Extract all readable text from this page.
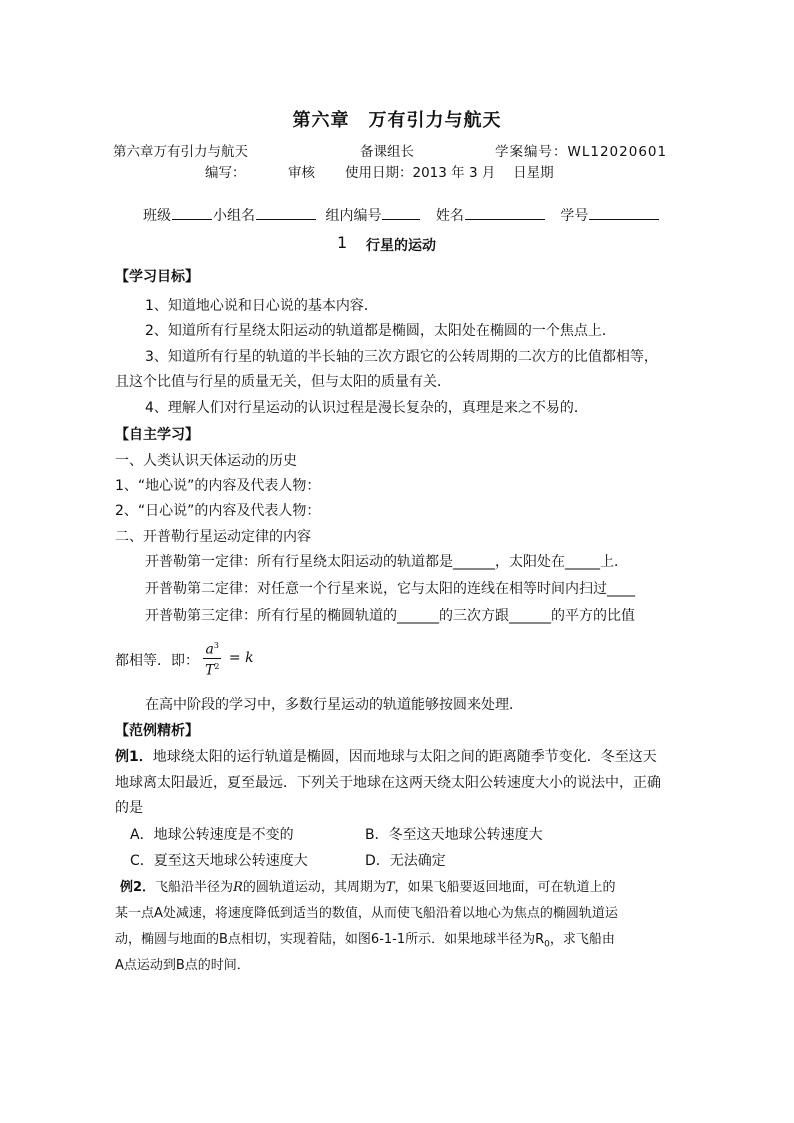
第六章　万有引力与航天
第六章万有引力与航天	备课组长	学案编号：WL12020601
编写：	审核 使用日期：2013 年 3 月　 日星期
班级	小组名	组内编号	姓名	学号
1 行星的运动
【学习目标】
1、知道地心说和日心说的基本内容．
2、知道所有行星绕太阳运动的轨道都是椭圆，太阳处在椭圆的一个焦点上．
3、知道所有行星的轨道的半长轴的三次方跟它的公转周期的二次方的比值都相等，
且这个比值与行星的质量无关，但与太阳的质量有关．
4、理解人们对行星运动的认识过程是漫长复杂的，真理是来之不易的．
【自主学习】
一、人类认识天体运动的历史
1、“地心说”的内容及代表人物：
2、“日心说”的内容及代表人物：
二、开普勒行星运动定律的内容
开普勒第一定律：所有行星绕太阳运动的轨道都是______，太阳处在_____上．
开普勒第二定律：对任意一个行星来说，它与太阳的连线在相等时间内扫过____
开普勒第三定律：所有行星的椭圆轨道的______的三次方跟______的平方的比值
都相等．即： $\frac{a^3}{T^2} = k$
在高中阶段的学习中，多数行星运动的轨道能够按圆来处理．
【范例精析】
例1．地球绕太阳的运行轨道是椭圆，因而地球与太阳之间的距离随季节变化．冬至这天
地球离太阳最近，夏至最远．下列关于地球在这两天绕太阳公转速度大小的说法中，正确
的是
A．地球公转速度是不变的	B．冬至这天地球公转速度大
C．夏至这天地球公转速度大	D．无法确定
例2．飞船沿半径为R的圆轨道运动，其周期为T，如果飞船要返回地面，可在轨道上的
某一点A处减速，将速度降低到适当的数值，从而使飞船沿着以地心为焦点的椭圆轨道运
动，椭圆与地面的B点相切，实现着陆，如图6-1-1所示．如果地球半径为$R_0$，求飞船由
A点运动到B点的时间．
